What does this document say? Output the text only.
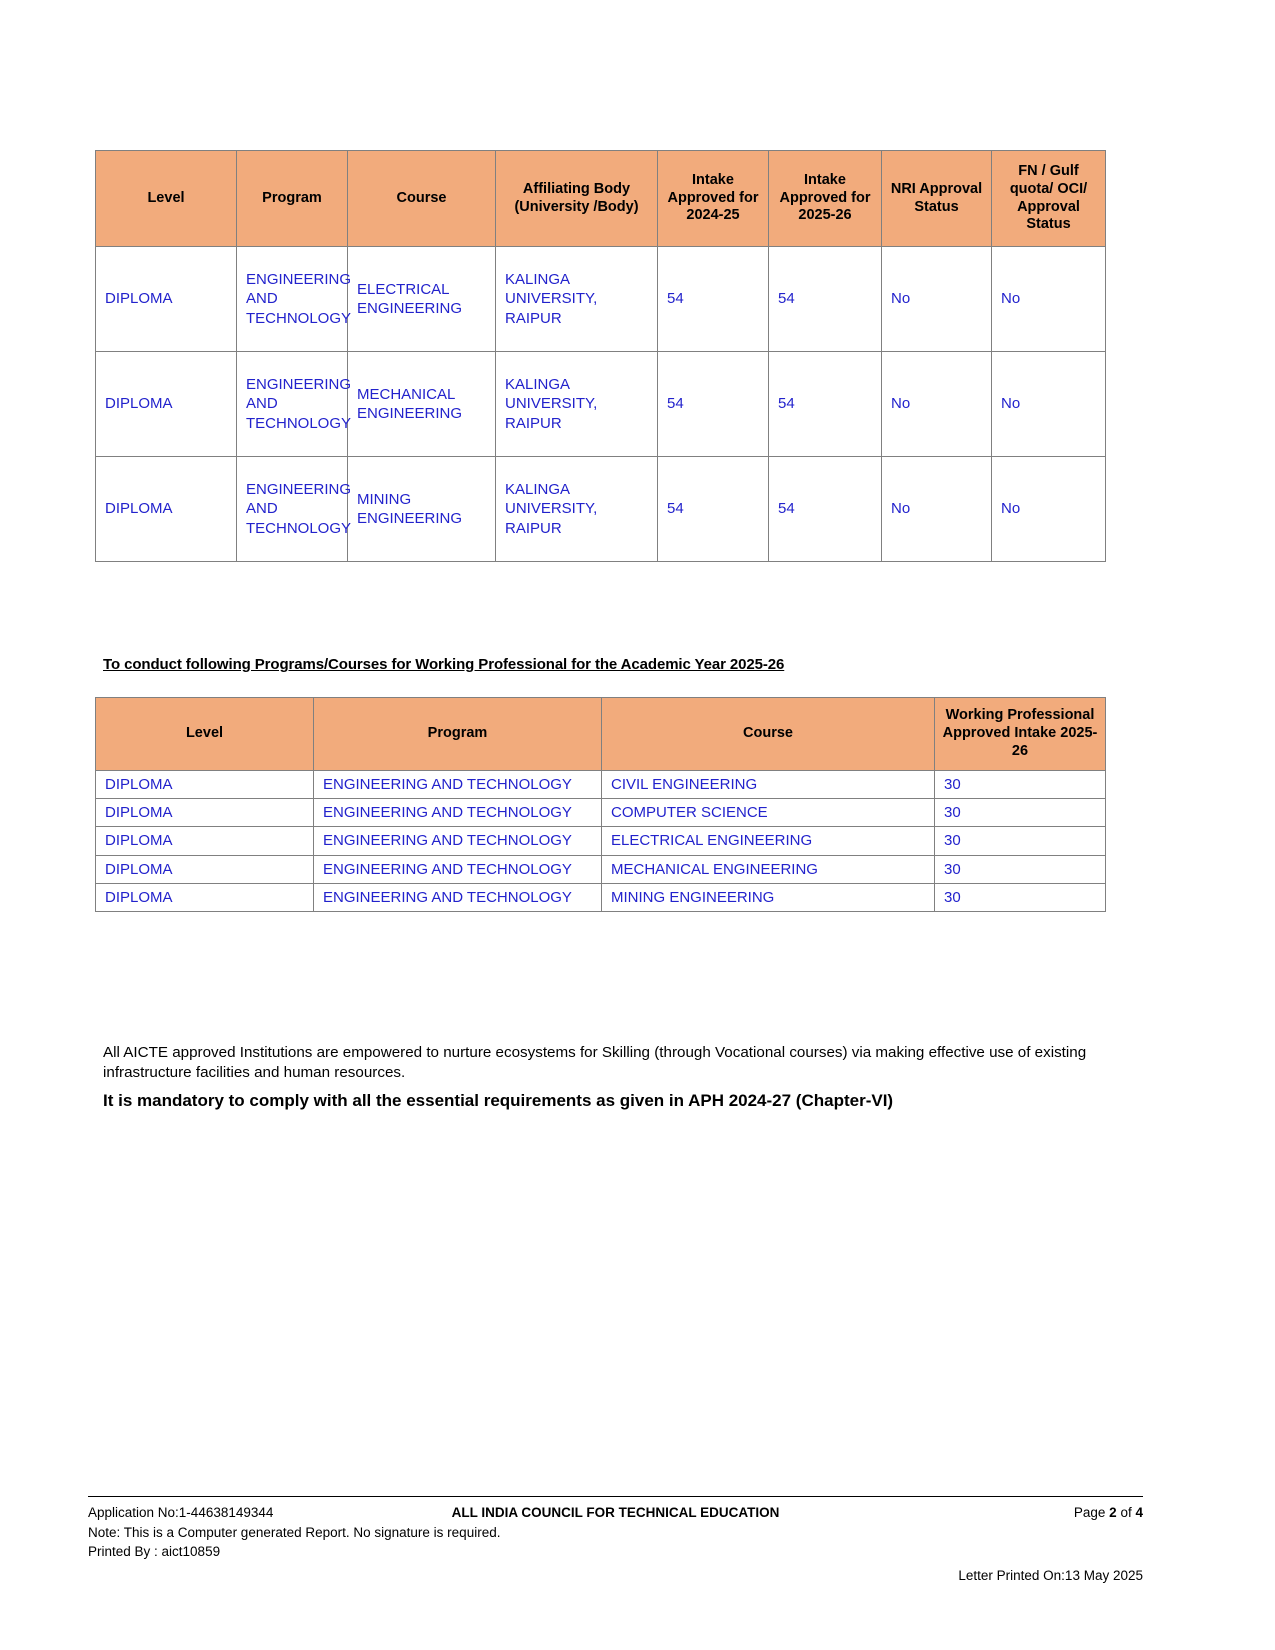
Level	Program	Course	Affiliating Body (University /Body)	Intake Approved for 2024-25	Intake Approved for 2025-26	NRI Approval Status	FN / Gulf quota/ OCI/ Approval Status
DIPLOMA	ENGINEERING AND TECHNOLOGY	ELECTRICAL ENGINEERING	KALINGA UNIVERSITY, RAIPUR	54	54	No	No
DIPLOMA	ENGINEERING AND TECHNOLOGY	MECHANICAL ENGINEERING	KALINGA UNIVERSITY, RAIPUR	54	54	No	No
DIPLOMA	ENGINEERING AND TECHNOLOGY	MINING ENGINEERING	KALINGA UNIVERSITY, RAIPUR	54	54	No	No
To conduct following Programs/Courses for Working Professional for the Academic Year 2025-26
Level	Program	Course	Working Professional Approved Intake 2025-26
DIPLOMA	ENGINEERING AND TECHNOLOGY	CIVIL ENGINEERING	30
DIPLOMA	ENGINEERING AND TECHNOLOGY	COMPUTER SCIENCE	30
DIPLOMA	ENGINEERING AND TECHNOLOGY	ELECTRICAL ENGINEERING	30
DIPLOMA	ENGINEERING AND TECHNOLOGY	MECHANICAL ENGINEERING	30
DIPLOMA	ENGINEERING AND TECHNOLOGY	MINING ENGINEERING	30
All AICTE approved Institutions are empowered to nurture ecosystems for Skilling (through Vocational courses) via making effective use of existing infrastructure facilities and human resources.
It is mandatory to comply with all the essential requirements as given in APH 2024-27 (Chapter-VI)
Application No:1-44638149344	ALL INDIA COUNCIL FOR TECHNICAL EDUCATION	Page 2 of 4
Note: This is a Computer generated Report. No signature is required.
Printed By : aict10859
Letter Printed On:13 May 2025
